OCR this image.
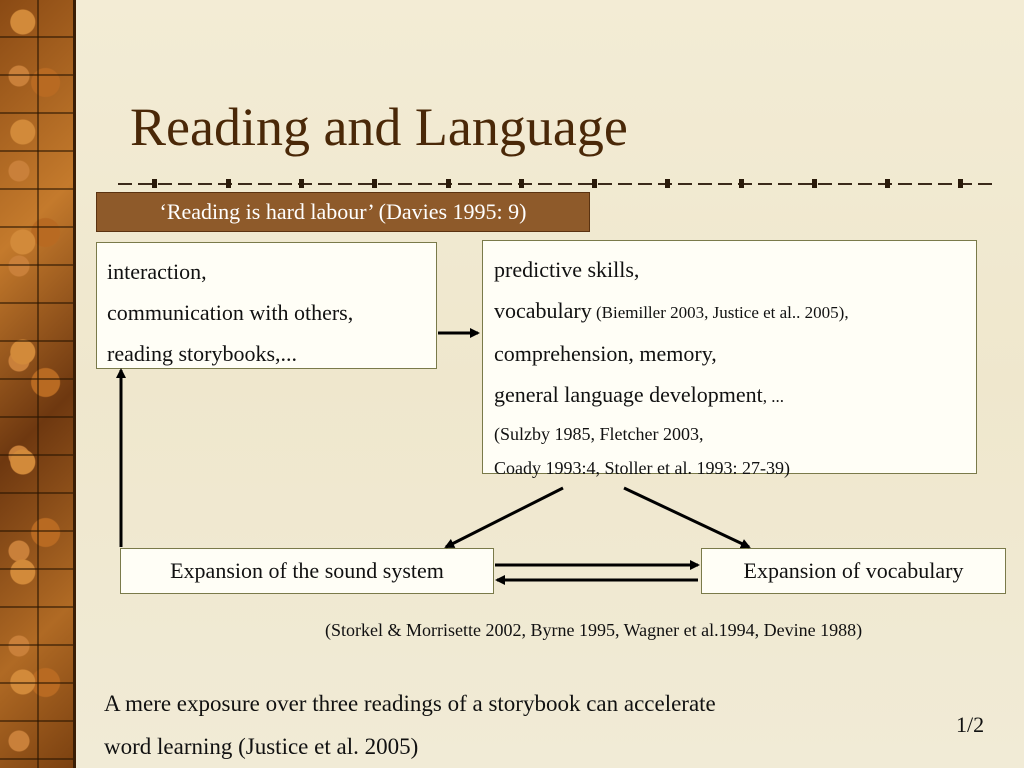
Reading and Language
‘Reading is hard labour’ (Davies 1995: 9)
interaction,
communication with others,
reading storybooks,...
predictive skills,
vocabulary (Biemiller 2003, Justice et al.. 2005),
comprehension, memory,
general language development, ...
(Sulzby 1985, Fletcher 2003,
Coady 1993:4, Stoller et al. 1993: 27-39)
Expansion of the sound system	Expansion of vocabulary
(Storkel & Morrisette 2002, Byrne 1995, Wagner et al.1994, Devine 1988)
A mere exposure over three readings of a storybook can accelerate
word learning (Justice et al. 2005)
1/2
